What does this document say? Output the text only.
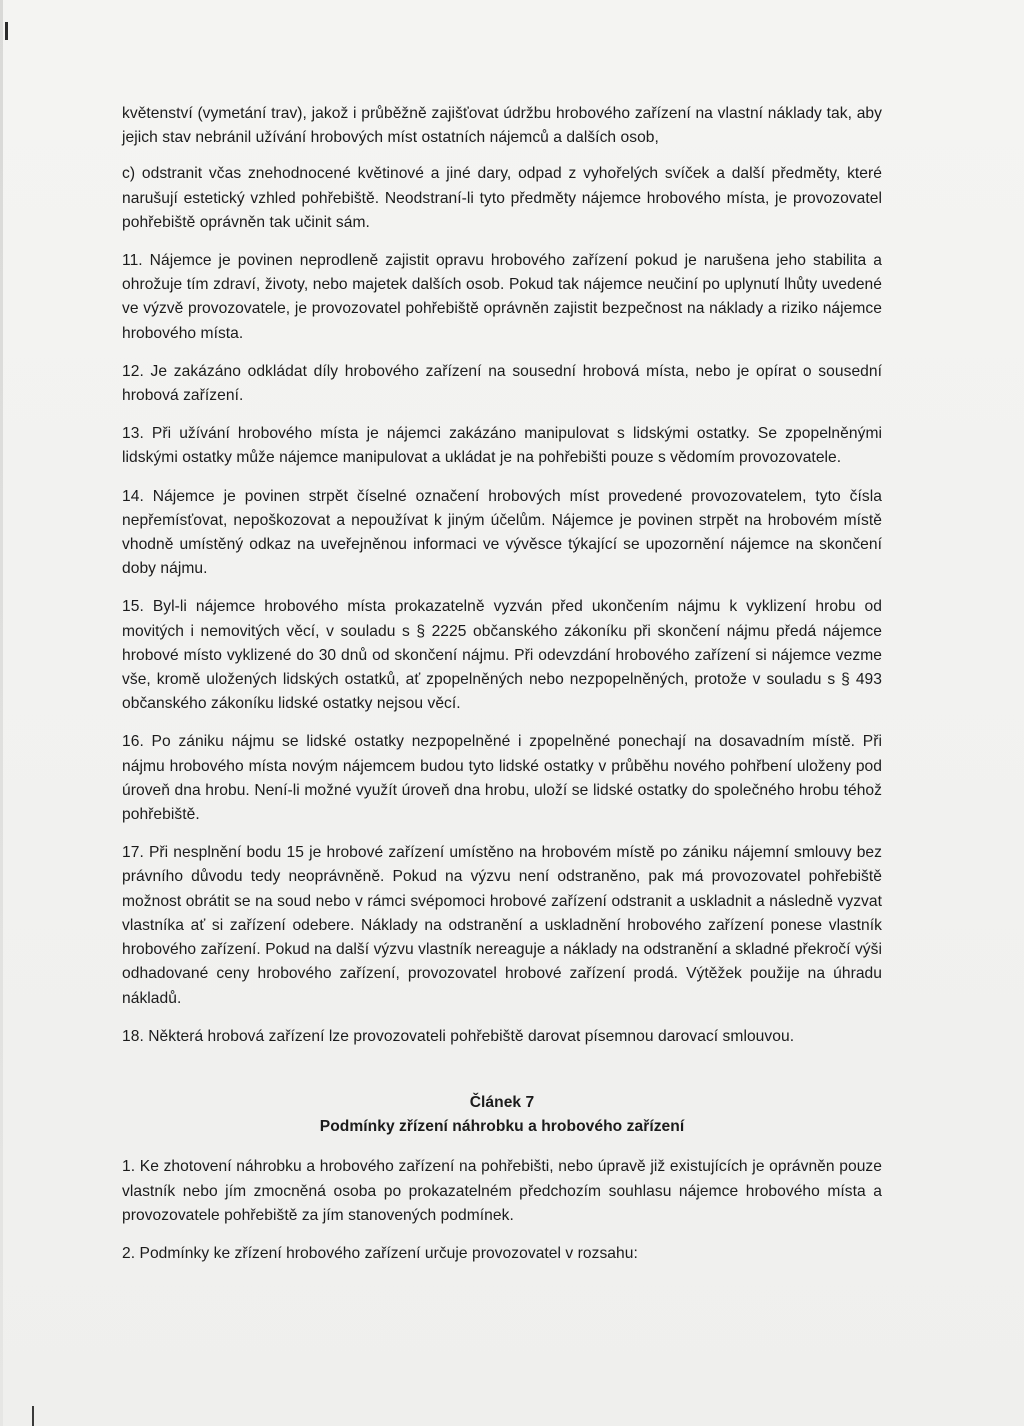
květenství (vymetání trav), jakož i průběžně zajišťovat údržbu hrobového zařízení na vlastní náklady tak, aby jejich stav nebránil užívání hrobových míst ostatních nájemců a dalších osob,

c) odstranit včas znehodnocené květinové a jiné dary, odpad z vyhořelých svíček a další předměty, které narušují estetický vzhled pohřebiště. Neodstraní-li tyto předměty nájemce hrobového místa, je provozovatel pohřebiště oprávněn tak učinit sám.

11. Nájemce je povinen neprodleně zajistit opravu hrobového zařízení pokud je narušena jeho stabilita a ohrožuje tím zdraví, životy, nebo majetek dalších osob. Pokud tak nájemce neučiní po uplynutí lhůty uvedené ve výzvě provozovatele, je provozovatel pohřebiště oprávněn zajistit bezpečnost na náklady a riziko nájemce hrobového místa.

12. Je zakázáno odkládat díly hrobového zařízení na sousední hrobová místa, nebo je opírat o sousední hrobová zařízení.

13. Při užívání hrobového místa je nájemci zakázáno manipulovat s lidskými ostatky. Se zpopelněnými lidskými ostatky může nájemce manipulovat a ukládat je na pohřebišti pouze s vědomím provozovatele.

14. Nájemce je povinen strpět číselné označení hrobových míst provedené provozovatelem, tyto čísla nepřemísťovat, nepoškozovat a nepoužívat k jiným účelům. Nájemce je povinen strpět na hrobovém místě vhodně umístěný odkaz na uveřejněnou informaci ve vývěsce týkající se upozornění nájemce na skončení doby nájmu.

15. Byl-li nájemce hrobového místa prokazatelně vyzván před ukončením nájmu k vyklizení hrobu od movitých i nemovitých věcí, v souladu s § 2225 občanského zákoníku při skončení nájmu předá nájemce hrobové místo vyklizené do 30 dnů od skončení nájmu. Při odevzdání hrobového zařízení si nájemce vezme vše, kromě uložených lidských ostatků, ať zpopelněných nebo nezpopelněných, protože v souladu s § 493 občanského zákoníku lidské ostatky nejsou věcí.

16. Po zániku nájmu se lidské ostatky nezpopelněné i zpopelněné ponechají na dosavadním místě. Při nájmu hrobového místa novým nájemcem budou tyto lidské ostatky v průběhu nového pohřbení uloženy pod úroveň dna hrobu. Není-li možné využít úroveň dna hrobu, uloží se lidské ostatky do společného hrobu téhož pohřebiště.

17. Při nesplnění bodu 15 je hrobové zařízení umístěno na hrobovém místě po zániku nájemní smlouvy bez právního důvodu tedy neoprávněně. Pokud na výzvu není odstraněno, pak má provozovatel pohřebiště možnost obrátit se na soud nebo v rámci svépomoci hrobové zařízení odstranit a uskladnit a následně vyzvat vlastníka ať si zařízení odebere. Náklady na odstranění a uskladnění hrobového zařízení ponese vlastník hrobového zařízení. Pokud na další výzvu vlastník nereaguje a náklady na odstranění a skladné překročí výši odhadované ceny hrobového zařízení, provozovatel hrobové zařízení prodá. Výtěžek použije na úhradu nákladů.

18. Některá hrobová zařízení lze provozovateli pohřebiště darovat písemnou darovací smlouvou.

Článek 7

Podmínky zřízení náhrobku a hrobového zařízení

1. Ke zhotovení náhrobku a hrobového zařízení na pohřebišti, nebo úpravě již existujících je oprávněn pouze vlastník nebo jím zmocněná osoba po prokazatelném předchozím souhlasu nájemce hrobového místa a provozovatele pohřebiště za jím stanovených podmínek.

2. Podmínky ke zřízení hrobového zařízení určuje provozovatel v rozsahu:
